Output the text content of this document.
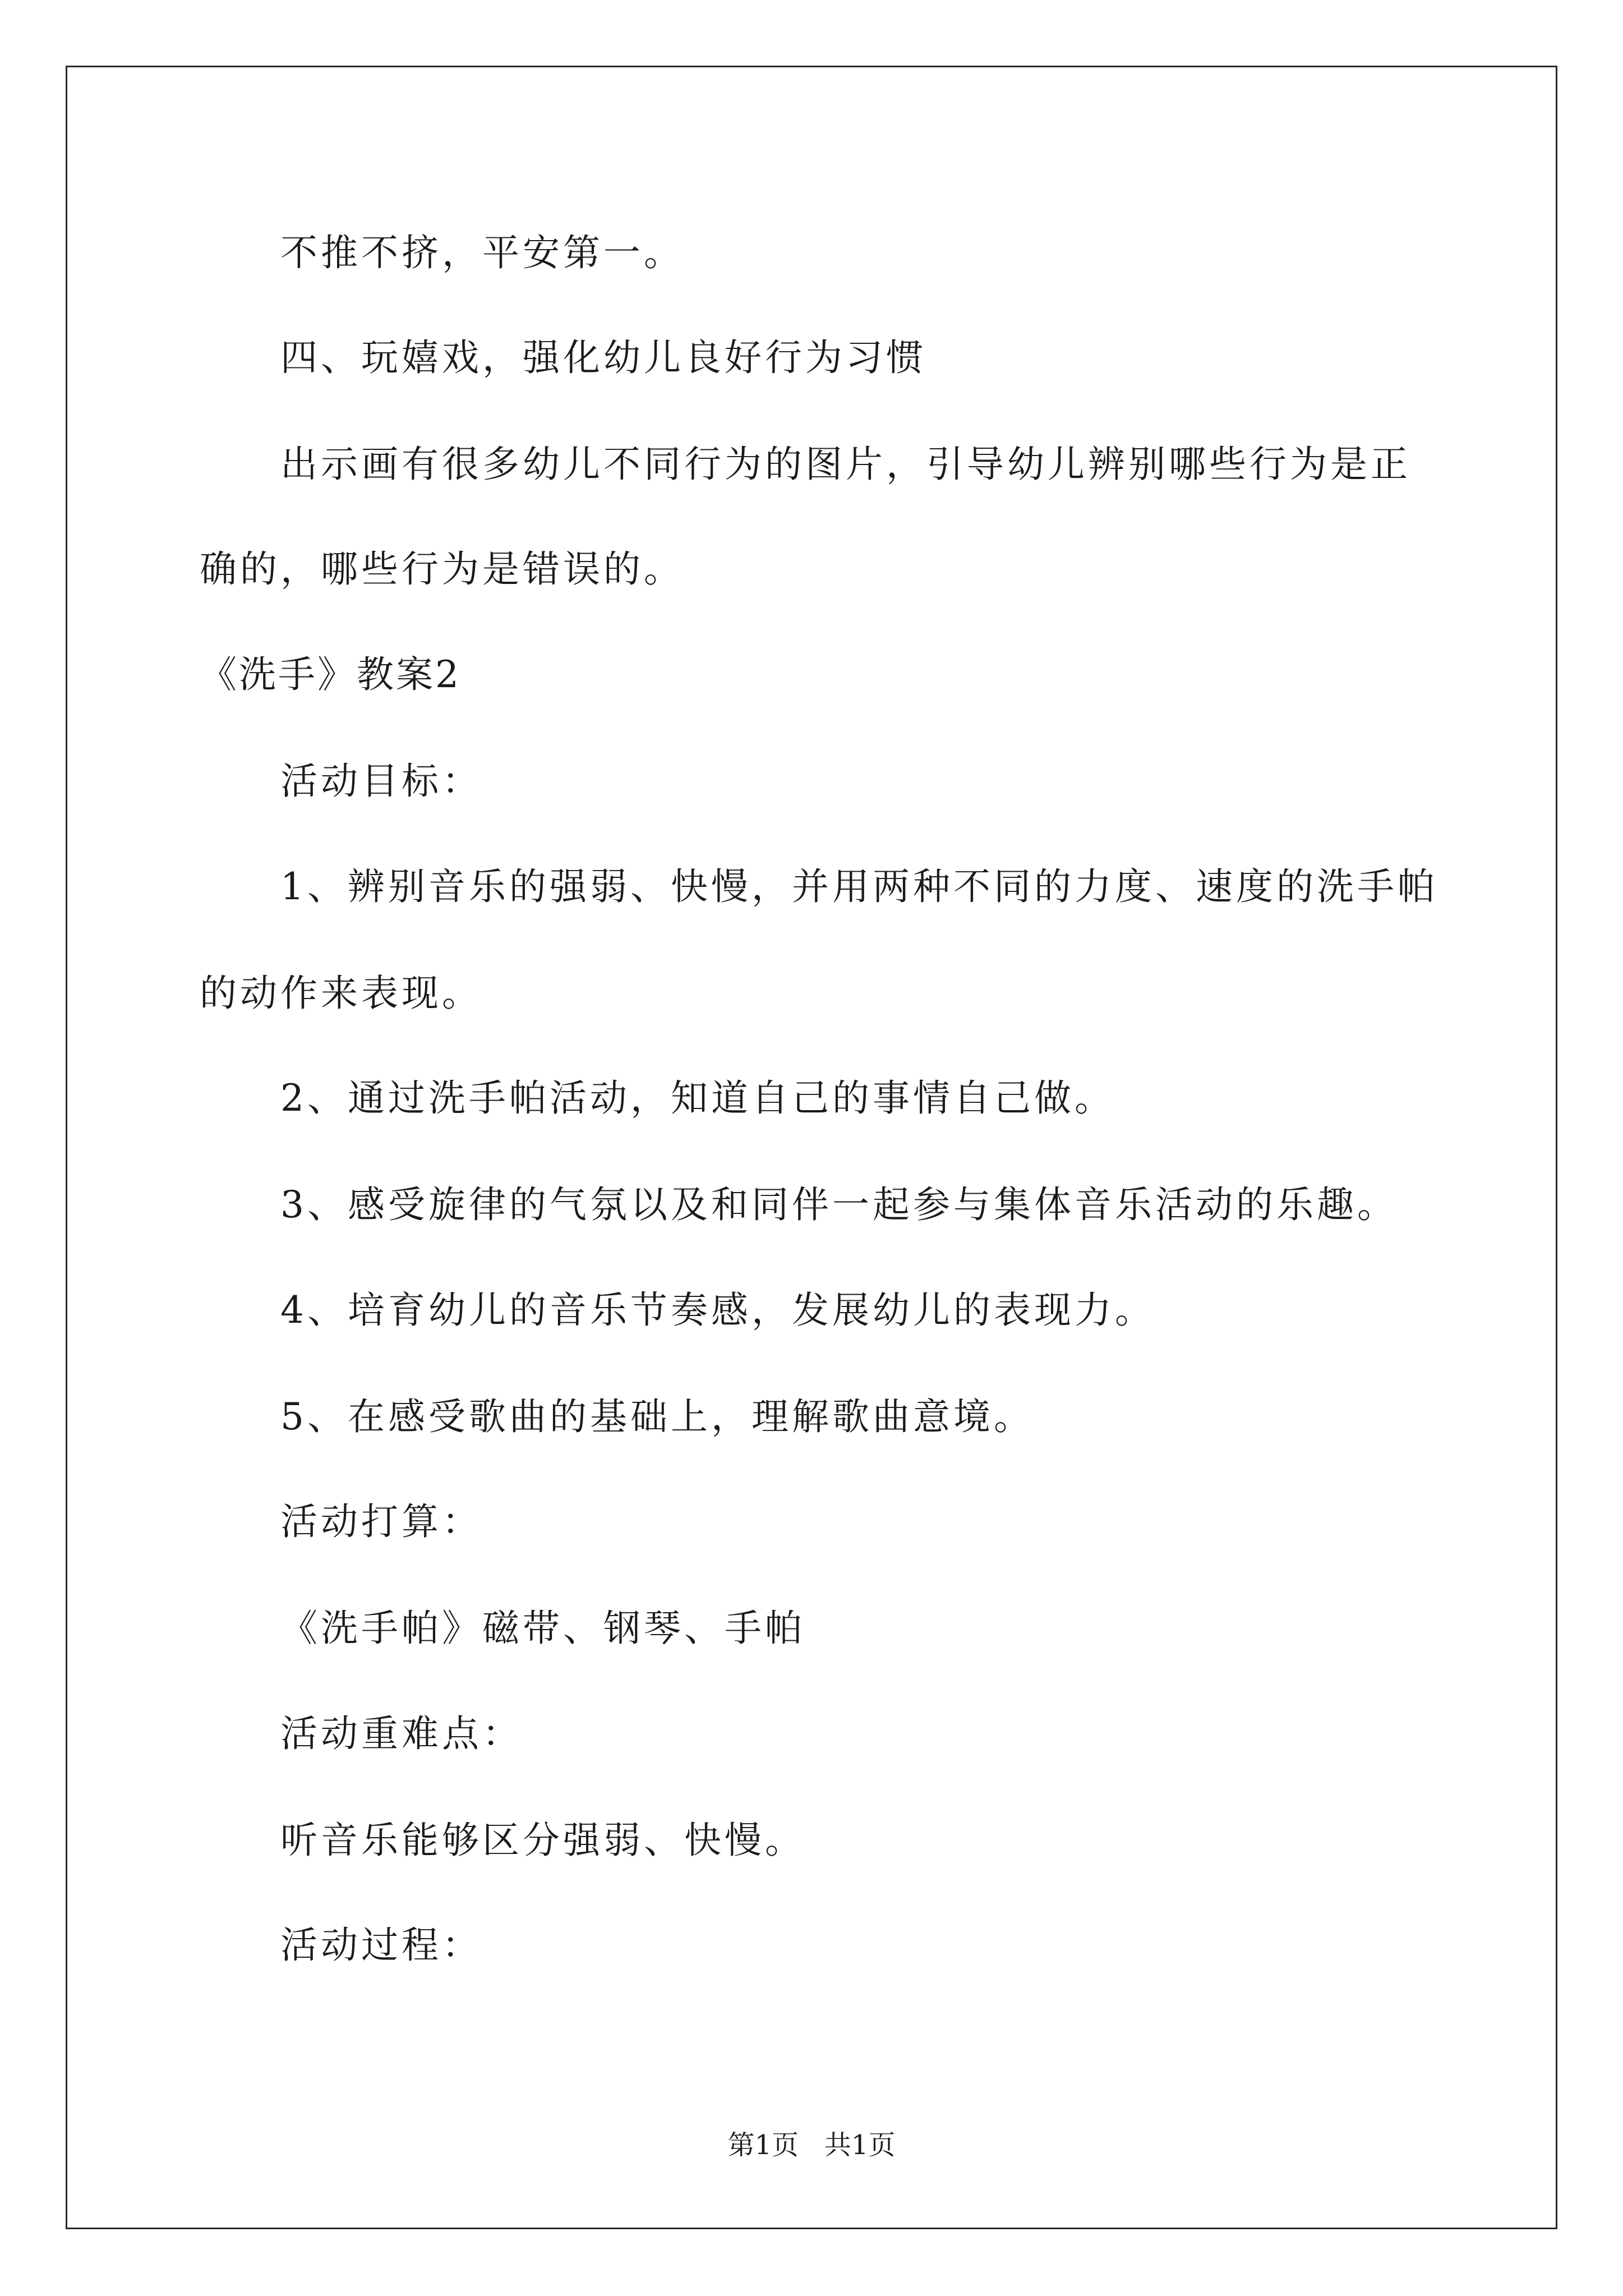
不推不挤，平安第一。
四、玩嬉戏，强化幼儿良好行为习惯
出示画有很多幼儿不同行为的图片，引导幼儿辨别哪些行为是正
确的，哪些行为是错误的。
《洗手》教案2
活动目标：
1、辨别音乐的强弱、快慢，并用两种不同的力度、速度的洗手帕
的动作来表现。
2、通过洗手帕活动，知道自己的事情自己做。
3、感受旋律的气氛以及和同伴一起参与集体音乐活动的乐趣。
4、培育幼儿的音乐节奏感，发展幼儿的表现力。
5、在感受歌曲的基础上，理解歌曲意境。
活动打算：
《洗手帕》磁带、钢琴、手帕
活动重难点：
听音乐能够区分强弱、快慢。
活动过程：
第1页   共1页
